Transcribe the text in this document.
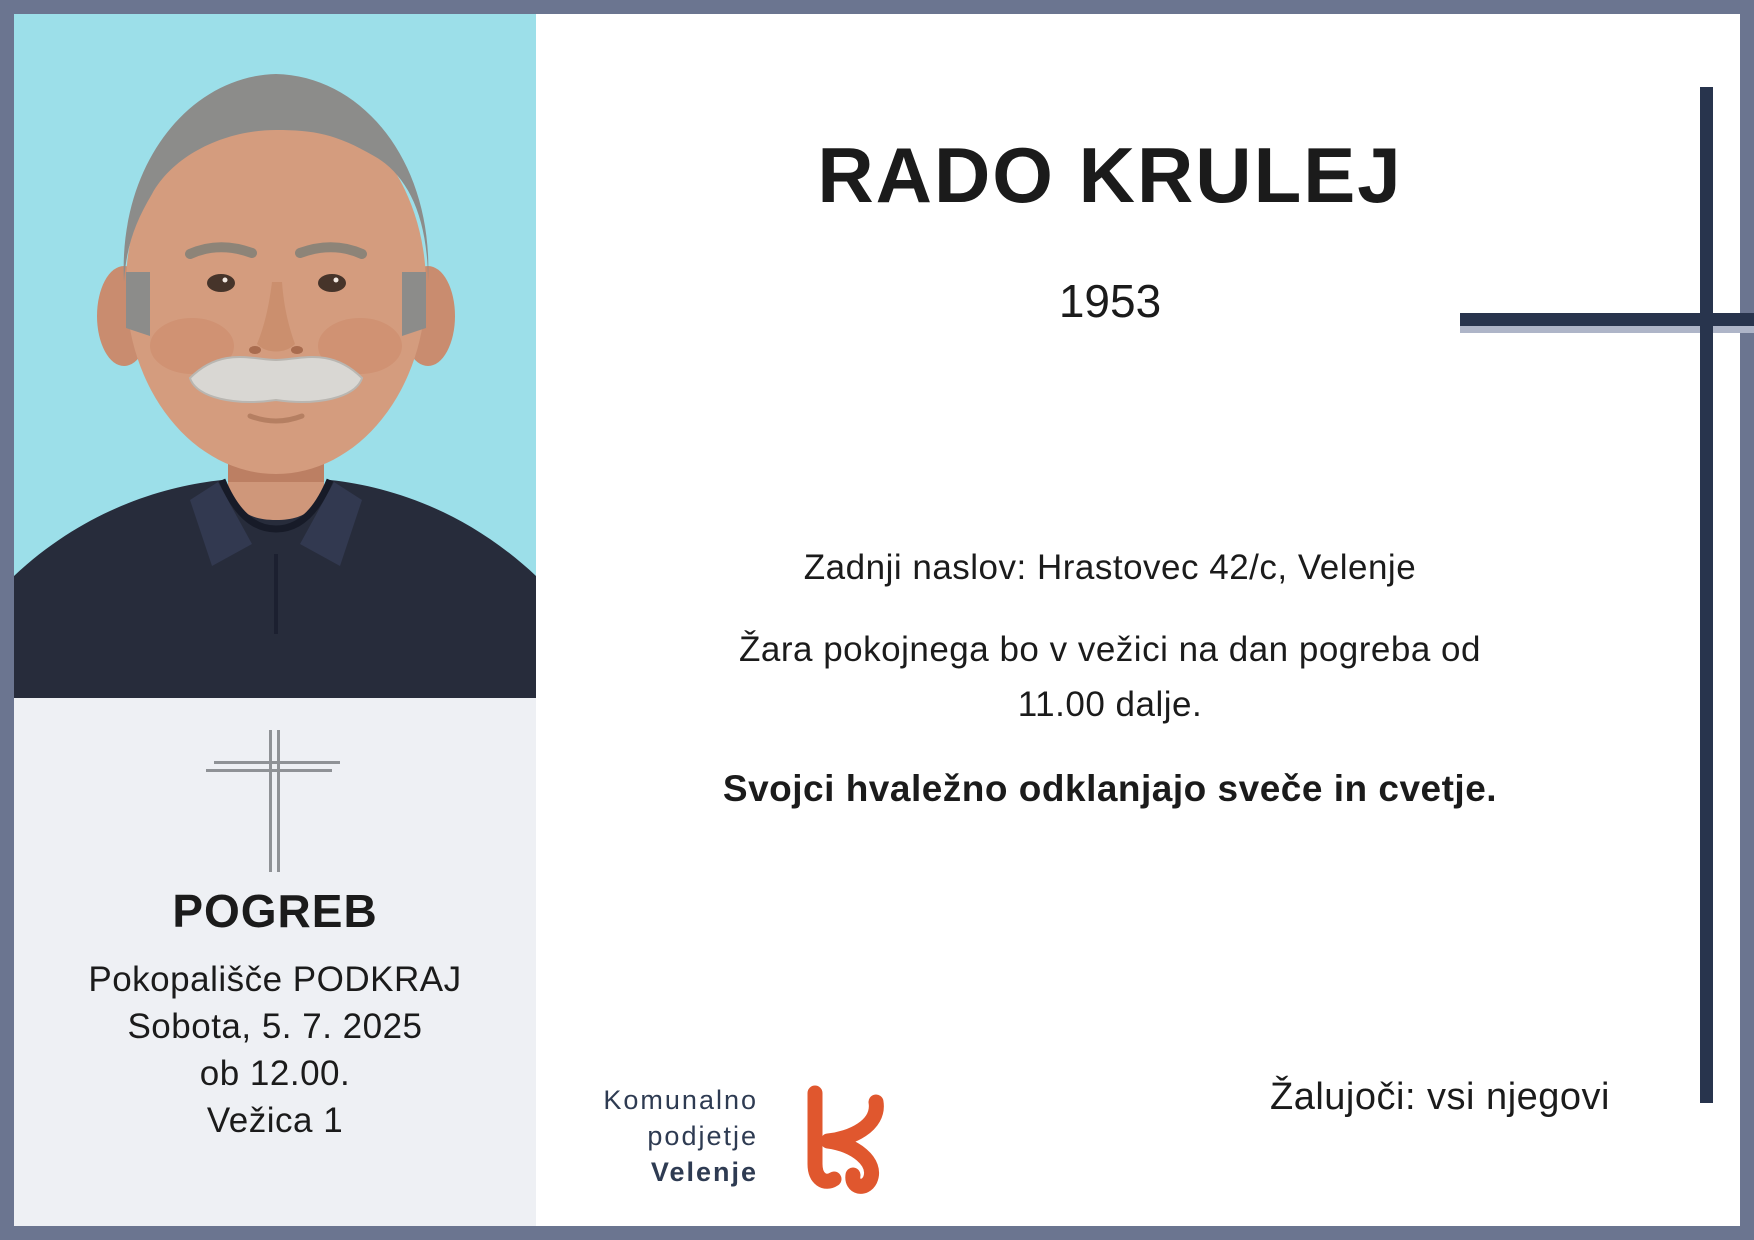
POGREB
Pokopališče PODKRAJ
Sobota, 5. 7. 2025
ob 12.00.
Vežica 1
RADO KRULEJ
1953
Zadnji naslov: Hrastovec 42/c, Velenje
Žara pokojnega bo v vežici na dan pogreba od
11.00 dalje.
Svojci hvaležno odklanjajo sveče in cvetje.
Žalujoči: vsi njegovi
Komunalno
podjetje
Velenje
